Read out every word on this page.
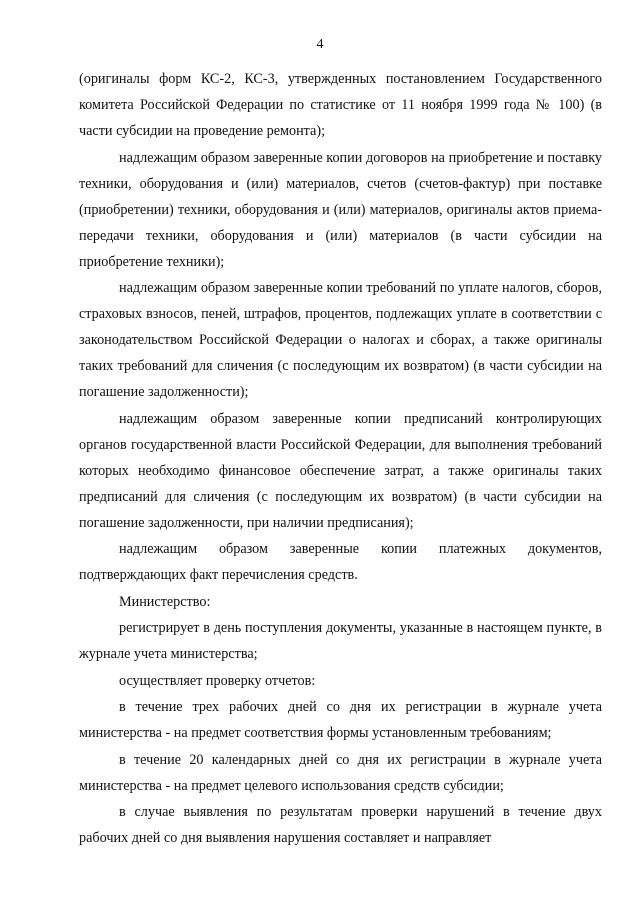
4

(оригиналы форм КС-2, КС-3, утвержденных постановлением Государственного комитета Российской Федерации по статистике от 11 ноября 1999 года № 100) (в части субсидии на проведение ремонта);

надлежащим образом заверенные копии договоров на приобретение и поставку техники, оборудования и (или) материалов, счетов (счетов-фактур) при поставке (приобретении) техники, оборудования и (или) материалов, оригиналы актов приема-передачи техники, оборудования и (или) материалов (в части субсидии на приобретение техники);

надлежащим образом заверенные копии требований по уплате налогов, сборов, страховых взносов, пеней, штрафов, процентов, подлежащих уплате в соответствии с законодательством Российской Федерации о налогах и сборах, а также оригиналы таких требований для сличения (с последующим их возвратом) (в части субсидии на погашение задолженности);

надлежащим образом заверенные копии предписаний контролирующих органов государственной власти Российской Федерации, для выполнения требований которых необходимо финансовое обеспечение затрат, а также оригиналы таких предписаний для сличения (с последующим их возвратом) (в части субсидии на погашение задолженности, при наличии предписания);

надлежащим образом заверенные копии платежных документов, подтверждающих факт перечисления средств.

Министерство:

регистрирует в день поступления документы, указанные в настоящем пункте, в журнале учета министерства;

осуществляет проверку отчетов:

в течение трех рабочих дней со дня их регистрации в журнале учета министерства - на предмет соответствия формы установленным требованиям;

в течение 20 календарных дней со дня их регистрации в журнале учета министерства - на предмет целевого использования средств субсидии;

в случае выявления по результатам проверки нарушений в течение двух рабочих дней со дня выявления нарушения составляет и направляет
